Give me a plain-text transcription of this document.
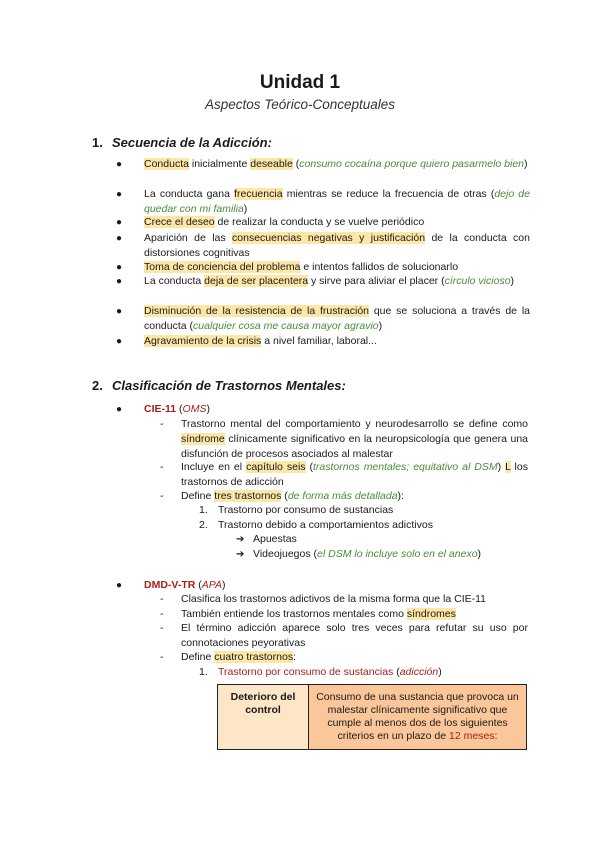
Unidad 1
Aspectos Teórico-Conceptuales
1. Secuencia de la Adicción:
● Conducta inicialmente deseable (consumo cocaína porque quiero pasarmelo bien)
● La conducta gana frecuencia mientras se reduce la frecuencia de otras (dejo de quedar con mi familia)
● Crece el deseo de realizar la conducta y se vuelve periódico
● Aparición de las consecuencias negativas y justificación de la conducta con distorsiones cognitivas
● Toma de conciencia del problema e intentos fallidos de solucionarlo
● La conducta deja de ser placentera y sirve para aliviar el placer (círculo vicioso)
● Disminución de la resistencia de la frustración que se soluciona a través de la conducta (cualquier cosa me causa mayor agravio)
● Agravamiento de la crisis a nivel familiar, laboral...
2. Clasificación de Trastornos Mentales:
● CIE-11 (OMS)
- Trastorno mental del comportamiento y neurodesarrollo se define como síndrome clínicamente significativo en la neuropsicología que genera una disfunción de procesos asociados al malestar
- Incluye en el capítulo seis (trastornos mentales; equitativo al DSM) L los trastornos de adicción
- Define tres trastornos (de forma más detallada):
1. Trastorno por consumo de sustancias
2. Trastorno debido a comportamientos adictivos
➔ Apuestas
➔ Videojuegos (el DSM lo incluye solo en el anexo)
● DMD-V-TR (APA)
- Clasifica los trastornos adictivos de la misma forma que la CIE-11
- También entiende los trastornos mentales como síndromes
- El término adicción aparece solo tres veces para refutar su uso por connotaciones peyorativas
- Define cuatro trastornos:
1. Trastorno por consumo de sustancias (adicción)
Deterioro del control	Consumo de una sustancia que provoca un malestar clínicamente significativo que cumple al menos dos de los siguientes criterios en un plazo de 12 meses:
